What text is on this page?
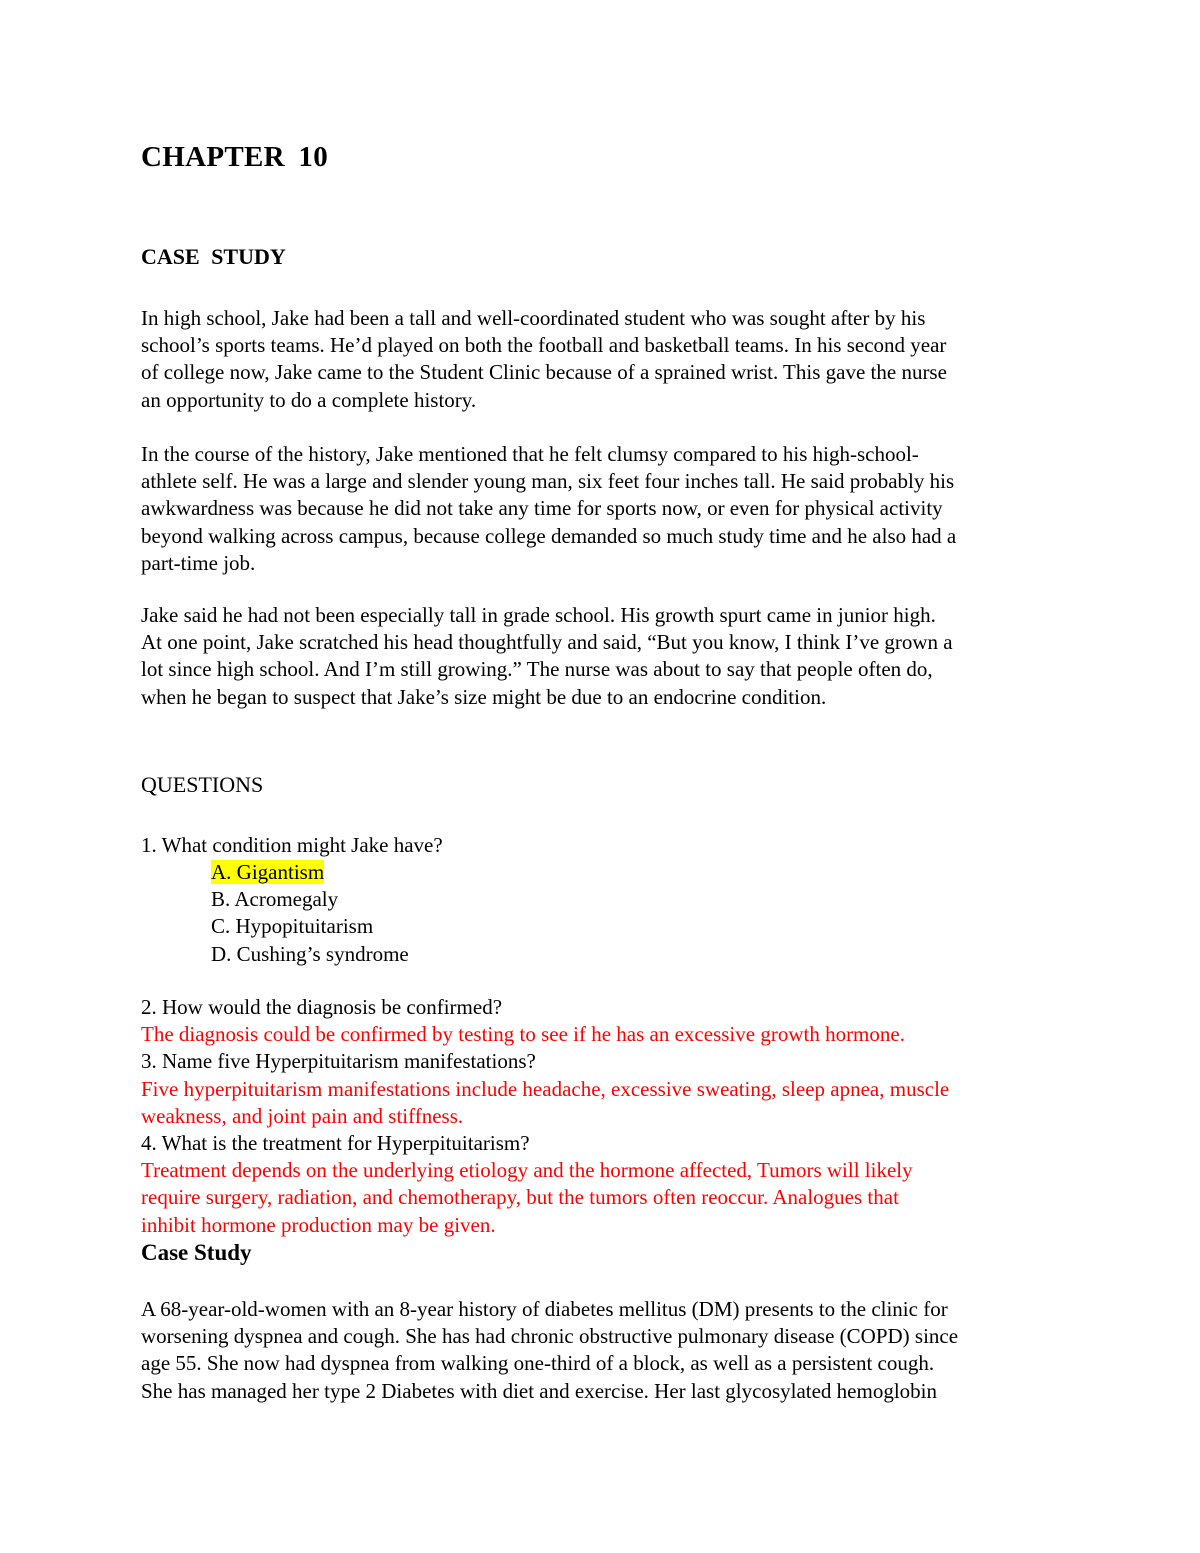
CHAPTER 10
CASE STUDY
In high school, Jake had been a tall and well-coordinated student who was sought after by his
school’s sports teams. He’d played on both the football and basketball teams. In his second year
of college now, Jake came to the Student Clinic because of a sprained wrist. This gave the nurse
an opportunity to do a complete history.
In the course of the history, Jake mentioned that he felt clumsy compared to his high-school-
athlete self. He was a large and slender young man, six feet four inches tall. He said probably his
awkwardness was because he did not take any time for sports now, or even for physical activity
beyond walking across campus, because college demanded so much study time and he also had a
part-time job.
Jake said he had not been especially tall in grade school. His growth spurt came in junior high.
At one point, Jake scratched his head thoughtfully and said, “But you know, I think I’ve grown a
lot since high school. And I’m still growing.” The nurse was about to say that people often do,
when he began to suspect that Jake’s size might be due to an endocrine condition.
QUESTIONS
1. What condition might Jake have?
A. Gigantism
B. Acromegaly
C. Hypopituitarism
D. Cushing’s syndrome
2. How would the diagnosis be confirmed?
The diagnosis could be confirmed by testing to see if he has an excessive growth hormone.
3. Name five Hyperpituitarism manifestations?
Five hyperpituitarism manifestations include headache, excessive sweating, sleep apnea, muscle
weakness, and joint pain and stiffness.
4. What is the treatment for Hyperpituitarism?
Treatment depends on the underlying etiology and the hormone affected, Tumors will likely
require surgery, radiation, and chemotherapy, but the tumors often reoccur. Analogues that
inhibit hormone production may be given.
Case Study
A 68-year-old-women with an 8-year history of diabetes mellitus (DM) presents to the clinic for
worsening dyspnea and cough. She has had chronic obstructive pulmonary disease (COPD) since
age 55. She now had dyspnea from walking one-third of a block, as well as a persistent cough.
She has managed her type 2 Diabetes with diet and exercise. Her last glycosylated hemoglobin
